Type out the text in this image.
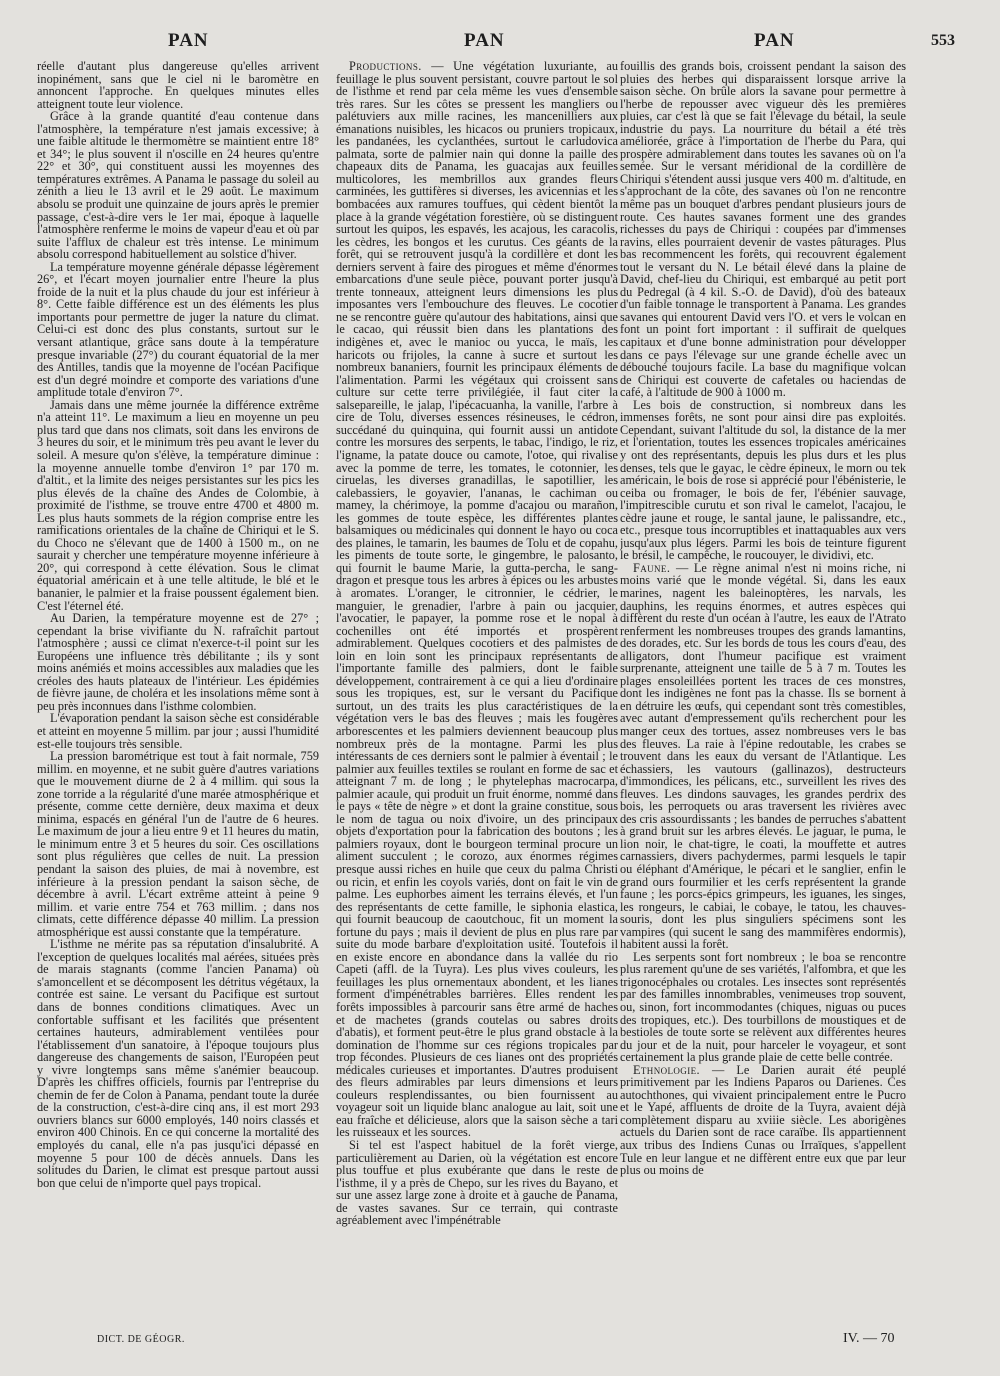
PAN	PAN	PAN	553

réelle d'autant plus dangereuse qu'elles arrivent inopinément, sans que le ciel ni le baromètre en annoncent l'approche. En quelques minutes elles atteignent toute leur violence.

Grâce à la grande quantité d'eau contenue dans l'atmosphère, la température n'est jamais excessive; à une faible altitude le thermomètre se maintient entre 18° et 34°; le plus souvent il n'oscille en 24 heures qu'entre 22° et 30°, qui constituent aussi les moyennes des températures extrêmes. A Panama le passage du soleil au zénith a lieu le 13 avril et le 29 août. Le maximum absolu se produit une quinzaine de jours après le premier passage, c'est-à-dire vers le 1er mai, époque à laquelle l'atmosphère renferme le moins de vapeur d'eau et où par suite l'afflux de chaleur est très intense. Le minimum absolu correspond habituellement au solstice d'hiver.

La température moyenne générale dépasse légèrement 26°, et l'écart moyen journalier entre l'heure la plus froide de la nuit et la plus chaude du jour est inférieur à 8°. Cette faible différence est un des éléments les plus importants pour permettre de juger la nature du climat. Celui-ci est donc des plus constants, surtout sur le versant atlantique, grâce sans doute à la température presque invariable (27°) du courant équatorial de la mer des Antilles, tandis que la moyenne de l'océan Pacifique est d'un degré moindre et comporte des variations d'une amplitude totale d'environ 7°.

Jamais dans une même journée la différence extrême n'a atteint 11°. Le maximum a lieu en moyenne un peu plus tard que dans nos climats, soit dans les environs de 3 heures du soir, et le minimum très peu avant le lever du soleil. A mesure qu'on s'élève, la température diminue : la moyenne annuelle tombe d'environ 1° par 170 m. d'altit., et la limite des neiges persistantes sur les pics les plus élevés de la chaîne des Andes de Colombie, à proximité de l'isthme, se trouve entre 4700 et 4800 m. Les plus hauts sommets de la région comprise entre les ramifications orientales de la chaîne de Chiriqui et le S. du Choco ne s'élevant que de 1400 à 1500 m., on ne saurait y chercher une température moyenne inférieure à 20°, qui correspond à cette élévation. Sous le climat équatorial américain et à une telle altitude, le blé et le bananier, le palmier et la fraise poussent également bien. C'est l'éternel été.

Au Darien, la température moyenne est de 27° ; cependant la brise vivifiante du N. rafraîchit partout l'atmosphère ; aussi ce climat n'exerce-t-il point sur les Européens une influence très débilitante ; ils y sont moins anémiés et moins accessibles aux maladies que les créoles des hauts plateaux de l'intérieur. Les épidémies de fièvre jaune, de choléra et les insolations même sont à peu près inconnues dans l'isthme colombien.

L'évaporation pendant la saison sèche est considérable et atteint en moyenne 5 millim. par jour ; aussi l'humidité est-elle toujours très sensible.

La pression barométrique est tout à fait normale, 759 millim. en moyenne, et ne subit guère d'autres variations que le mouvement diurne de 2 à 4 millim. qui sous la zone torride a la régularité d'une marée atmosphérique et présente, comme cette dernière, deux maxima et deux minima, espacés en général l'un de l'autre de 6 heures. Le maximum de jour a lieu entre 9 et 11 heures du matin, le minimum entre 3 et 5 heures du soir. Ces oscillations sont plus régulières que celles de nuit. La pression pendant la saison des pluies, de mai à novembre, est inférieure à la pression pendant la saison sèche, de décembre à avril. L'écart extrême atteint à peine 9 millim. et varie entre 754 et 763 millim. ; dans nos climats, cette différence dépasse 40 millim. La pression atmosphérique est aussi constante que la température.

L'isthme ne mérite pas sa réputation d'insalubrité. A l'exception de quelques localités mal aérées, situées près de marais stagnants (comme l'ancien Panama) où s'amoncellent et se décomposent les détritus végétaux, la contrée est saine. Le versant du Pacifique est surtout dans de bonnes conditions climatiques. Avec un confortable suffisant et les facilités que présentent certaines hauteurs, admirablement ventilées pour l'établissement d'un sanatoire, à l'époque toujours plus dangereuse des changements de saison, l'Européen peut y vivre longtemps sans même s'anémier beaucoup. D'après les chiffres officiels, fournis par l'entreprise du chemin de fer de Colon à Panama, pendant toute la durée de la construction, c'est-à-dire cinq ans, il est mort 293 ouvriers blancs sur 6000 employés, 140 noirs classés et environ 400 Chinois. En ce qui concerne la mortalité des employés du canal, elle n'a pas jusqu'ici dépassé en moyenne 5 pour 100 de décès annuels. Dans les solitudes du Darien, le climat est presque partout aussi bon que celui de n'importe quel pays tropical.

Productions. — Une végétation luxuriante, au feuillage le plus souvent persistant, couvre partout le sol de l'isthme et rend par cela même les vues d'ensemble très rares. Sur les côtes se pressent les mangliers ou palétuviers aux mille racines, les mancenilliers aux émanations nuisibles, les hicacos ou pruniers tropicaux, les pandanées, les cyclanthées, surtout le carludovica palmata, sorte de palmier nain qui donne la paille des chapeaux dits de Panama, les guacajas aux feuilles multicolores, les membrillos aux grandes fleurs carminées, les guttifères si diverses, les avicennias et les bombacées aux ramures touffues, qui cèdent bientôt la place à la grande végétation forestière, où se distinguent surtout les quipos, les espavés, les acajous, les caracolis, les cèdres, les bongos et les curutus. Ces géants de la forêt, qui se retrouvent jusqu'à la cordillère et dont les derniers servent à faire des pirogues et même d'énormes embarcations d'une seule pièce, pouvant porter jusqu'à trente tonneaux, atteignent leurs dimensions les plus imposantes vers l'embouchure des fleuves. Le cocotier ne se rencontre guère qu'autour des habitations, ainsi que le cacao, qui réussit bien dans les plantations des indigènes et, avec le manioc ou yucca, le maïs, les haricots ou frijoles, la canne à sucre et surtout les nombreux bananiers, fournit les principaux éléments de l'alimentation. Parmi les végétaux qui croissent sans culture sur cette terre privilégiée, il faut citer la salsepareille, le jalap, l'ipécacuanha, la vanille, l'arbre à cire de Tolu, diverses essences résineuses, le cédron, succédané du quinquina, qui fournit aussi un antidote contre les morsures des serpents, le tabac, l'indigo, le riz, l'igname, la patate douce ou camote, l'otoe, qui rivalise avec la pomme de terre, les tomates, le cotonnier, les ciruelas, les diverses granadillas, le sapotillier, les calebassiers, le goyavier, l'ananas, le cachiman ou mamey, la chérimoye, la pomme d'acajou ou marañon, les gommes de toute espèce, les différentes plantes balsamiques ou médicinales qui donnent le hayo ou coca des plaines, le tamarin, les baumes de Tolu et de copahu, les piments de toute sorte, le gingembre, le palosanto, qui fournit le baume Marie, la gutta-percha, le sang-dragon et presque tous les arbres à épices ou les arbustes à aromates. L'oranger, le citronnier, le cédrier, le manguier, le grenadier, l'arbre à pain ou jacquier, l'avocatier, le papayer, la pomme rose et le nopal à cochenilles ont été importés et prospèrent admirablement. Quelques cocotiers et des palmistes de loin en loin sont les principaux représentants de l'importante famille des palmiers, dont le faible développement, contrairement à ce qui a lieu d'ordinaire sous les tropiques, est, sur le versant du Pacifique surtout, un des traits les plus caractéristiques de la végétation vers le bas des fleuves ; mais les fougères arborescentes et les palmiers deviennent beaucoup plus nombreux près de la montagne. Parmi les plus intéressants de ces derniers sont le palmier à éventail ; le palmier aux feuilles textiles se roulant en forme de sac et atteignant 7 m. de long ; le phytelephas macrocarpa, palmier acaule, qui produit un fruit énorme, nommé dans le pays « tête de nègre » et dont la graine constitue, sous le nom de tagua ou noix d'ivoire, un des principaux objets d'exportation pour la fabrication des boutons ; les palmiers royaux, dont le bourgeon terminal procure un aliment succulent ; le corozo, aux énormes régimes presque aussi riches en huile que ceux du palma Christi ou ricin, et enfin les coyols variés, dont on fait le vin de palme. Les euphorbes aiment les terrains élevés, et l'un des représentants de cette famille, le siphonia elastica, qui fournit beaucoup de caoutchouc, fit un moment la fortune du pays ; mais il devient de plus en plus rare par suite du mode barbare d'exploitation usité. Toutefois il en existe encore en abondance dans la vallée du rio Capeti (affl. de la Tuyra). Les plus vives couleurs, les feuillages les plus ornementaux abondent, et les lianes forment d'impénétrables barrières. Elles rendent les forêts impossibles à parcourir sans être armé de haches et de machetes (grands coutelas ou sabres droits d'abatis), et forment peut-être le plus grand obstacle à la domination de l'homme sur ces régions tropicales par trop fécondes. Plusieurs de ces lianes ont des propriétés médicales curieuses et importantes. D'autres produisent des fleurs admirables par leurs dimensions et leurs couleurs resplendissantes, ou bien fournissent au voyageur soit un liquide blanc analogue au lait, soit une eau fraîche et délicieuse, alors que la saison sèche a tari les ruisseaux et les sources.

Si tel est l'aspect habituel de la forêt vierge, particulièrement au Darien, où la végétation est encore plus touffue et plus exubérante que dans le reste de l'isthme, il y a près de Chepo, sur les rives du Bayano, et sur une assez large zone à droite et à gauche de Panama, de vastes savanes. Sur ce terrain, qui contraste agréablement avec l'impénétrable

fouillis des grands bois, croissent pendant la saison des pluies des herbes qui disparaissent lorsque arrive la saison sèche. On brûle alors la savane pour permettre à l'herbe de repousser avec vigueur dès les premières pluies, car c'est là que se fait l'élevage du bétail, la seule industrie du pays. La nourriture du bétail a été très améliorée, grâce à l'importation de l'herbe du Para, qui prospère admirablement dans toutes les savanes où on l'a semée. Sur le versant méridional de la cordillère de Chiriqui s'étendent aussi jusque vers 400 m. d'altitude, en s'approchant de la côte, des savanes où l'on ne rencontre même pas un bouquet d'arbres pendant plusieurs jours de route. Ces hautes savanes forment une des grandes richesses du pays de Chiriqui : coupées par d'immenses ravins, elles pourraient devenir de vastes pâturages. Plus bas recommencent les forêts, qui recouvrent également tout le versant du N. Le bétail élevé dans la plaine de David, chef-lieu du Chiriqui, est embarqué au petit port du Pedregal (à 4 kil. S.-O. de David), d'où des bateaux d'un faible tonnage le transportent à Panama. Les grandes savanes qui entourent David vers l'O. et vers le volcan en font un point fort important : il suffirait de quelques capitaux et d'une bonne administration pour développer dans ce pays l'élevage sur une grande échelle avec un débouché toujours facile. La base du magnifique volcan de Chiriqui est couverte de cafetales ou haciendas de café, à l'altitude de 900 à 1000 m.

Les bois de construction, si nombreux dans les immenses forêts, ne sont pour ainsi dire pas exploités. Cependant, suivant l'altitude du sol, la distance de la mer et l'orientation, toutes les essences tropicales américaines y ont des représentants, depuis les plus durs et les plus denses, tels que le gayac, le cèdre épineux, le morn ou tek américain, le bois de rose si apprécié pour l'ébénisterie, le ceiba ou fromager, le bois de fer, l'ébénier sauvage, l'impitrescible curutu et son rival le camelot, l'acajou, le cèdre jaune et rouge, le santal jaune, le palissandre, etc., etc., presque tous incorruptibles et inattaquables aux vers jusqu'aux plus légers. Parmi les bois de teinture figurent le brésil, le campêche, le roucouyer, le dividivi, etc.

Faune. — Le règne animal n'est ni moins riche, ni moins varié que le monde végétal. Si, dans les eaux marines, nagent les baleinoptères, les narvals, les dauphins, les requins énormes, et autres espèces qui diffèrent du reste d'un océan à l'autre, les eaux de l'Atrato renferment les nombreuses troupes des grands lamantins, des dorades, etc. Sur les bords de tous les cours d'eau, des alligators, dont l'humeur pacifique est vraiment surprenante, atteignent une taille de 5 à 7 m. Toutes les plages ensoleillées portent les traces de ces monstres, dont les indigènes ne font pas la chasse. Ils se bornent à en détruire les œufs, qui cependant sont très comestibles, avec autant d'empressement qu'ils recherchent pour les manger ceux des tortues, assez nombreuses vers le bas des fleuves. La raie à l'épine redoutable, les crabes se trouvent dans les eaux du versant de l'Atlantique. Les échassiers, les vautours (gallinazos), destructeurs d'immondices, les pélicans, etc., surveillent les rives des fleuves. Les dindons sauvages, les grandes perdrix des bois, les perroquets ou aras traversent les rivières avec des cris assourdissants ; les bandes de perruches s'abattent à grand bruit sur les arbres élevés. Le jaguar, le puma, le lion noir, le chat-tigre, le coati, la mouffette et autres carnassiers, divers pachydermes, parmi lesquels le tapir ou éléphant d'Amérique, le pécari et le sanglier, enfin le grand ours fourmilier et les cerfs représentent la grande faune ; les porcs-épics grimpeurs, les iguanes, les singes, les rongeurs, le cabiai, le cobaye, le tatou, les chauves-souris, dont les plus singuliers spécimens sont les vampires (qui sucent le sang des mammifères endormis), habitent aussi la forêt.

Les serpents sont fort nombreux ; le boa se rencontre plus rarement qu'une de ses variétés, l'alfombra, et que les trigonocéphales ou crotales. Les insectes sont représentés par des familles innombrables, venimeuses trop souvent, ou, sinon, fort incommodantes (chiques, niguas ou puces des tropiques, etc.). Des tourbillons de moustiques et de bestioles de toute sorte se relèvent aux différentes heures du jour et de la nuit, pour harceler le voyageur, et sont certainement la plus grande plaie de cette belle contrée.

Ethnologie. — Le Darien aurait été peuplé primitivement par les Indiens Paparos ou Darienes. Ces autochthones, qui vivaient principalement entre le Pucro et le Yapé, affluents de droite de la Tuyra, avaient déjà complètement disparu au xviiie siècle. Les aborigènes actuels du Darien sont de race caraïbe. Ils appartiennent aux tribus des Indiens Cunas ou Irraïques, s'appellent Tule en leur langue et ne diffèrent entre eux que par leur plus ou moins de

DICT. DE GÉOGR.	IV. — 70
